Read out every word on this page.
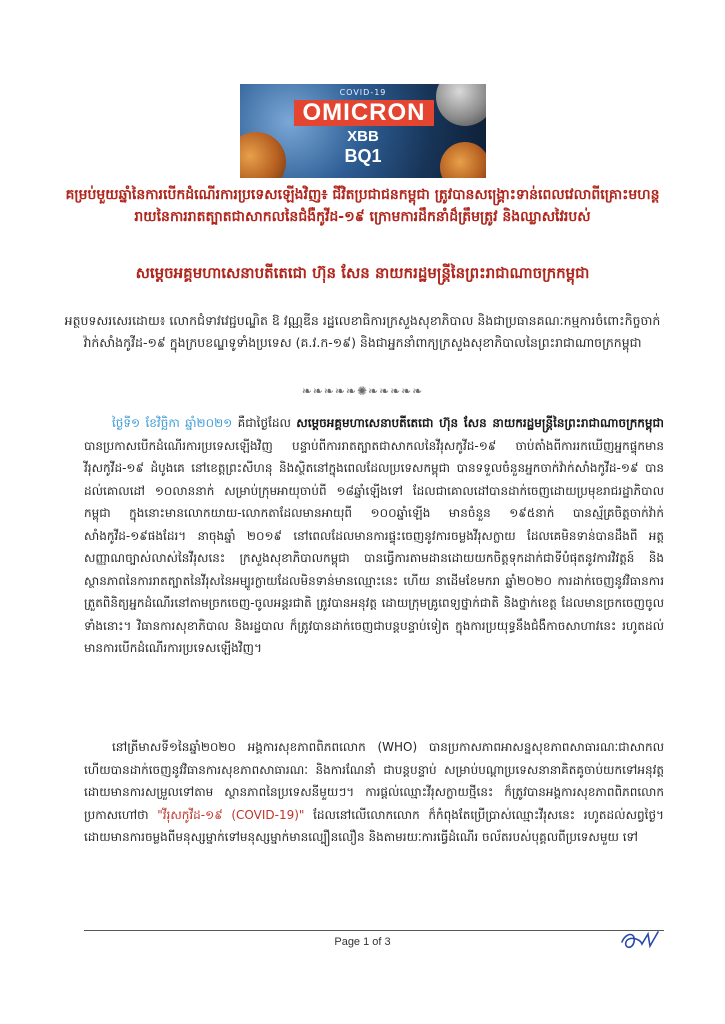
COVID-19
OMICRON
XBB
BQ1

គម្រប់មួយឆ្នាំនៃការបើកដំណើរការប្រទេសឡើងវិញ៖ ជីវិតប្រជាជនកម្ពុជា ត្រូវបានសង្គ្រោះទាន់ពេលវេលាពីគ្រោះមហន្តរាយនៃការរាតត្បាតជាសាកលនៃជំងឺកូវីដ-១៩ ក្រោមការដឹកនាំដ៏ត្រឹមត្រូវ និងឈ្លាសវៃរបស់

សម្តេចអគ្គមហាសេនាបតីតេជោ ហ៊ុន សែន នាយករដ្ឋមន្ត្រីនៃព្រះរាជាណាចក្រកម្ពុជា

អត្ថបទសរសេរដោយ៖ លោកជំទាវវេជ្ជបណ្ឌិត ឱ វណ្ណឌីន រដ្ឋលេខាធិការក្រសួងសុខាភិបាល និងជាប្រធានគណៈកម្មការចំពោះកិច្ចចាក់វ៉ាក់សាំងកូវីដ-១៩ ក្នុងក្របខណ្ឌទូទាំងប្រទេស (គ.វ.ក-១៩) និងជាអ្នកនាំពាក្យក្រសួងសុខាភិបាលនៃព្រះរាជាណាចក្រកម្ពុជា

❧❧❧❧❧✺❧❧❧❧❧

ថ្ងៃទី១ ខែវិច្ឆិកា ឆ្នាំ២០២១ គឺជាថ្ងៃដែល សម្តេចអគ្គមហាសេនាបតីតេជោ ហ៊ុន សែន នាយករដ្ឋមន្ត្រីនៃព្រះរាជាណាចក្រកម្ពុជា បានប្រកាសបើកដំណើរការប្រទេសឡើងវិញ បន្ទាប់ពីការរាតត្បាតជាសាកលនៃវីរុសកូវីដ-១៩ ចាប់តាំងពីការរកឃើញអ្នកផ្ទុកមានវីរុសកូវីដ-១៩ ដំបូងគេ នៅខេត្តព្រះសីហនុ និងស្ថិតនៅក្នុងពេលដែលប្រទេសកម្ពុជា បានទទួលចំនួនអ្នកចាក់វ៉ាក់សាំងកូវីដ-១៩ បានដល់គោលដៅ ១០លាននាក់ សម្រាប់ក្រុមអាយុចាប់ពី ១៨ឆ្នាំឡើងទៅ ដែលជាគោលដៅបានដាក់ចេញដោយប្រមុខរាជរដ្ឋាភិបាលកម្ពុជា ក្នុងនោះមានលោកយាយ-លោកតាដែលមានអាយុពី ១០០ឆ្នាំឡើង មានចំនួន ១៩៥នាក់ បានស្ម័គ្រចិត្តចាក់វ៉ាក់សាំងកូវីដ-១៩ផងដែរ។ នាចុងឆ្នាំ ២០១៩ នៅពេលដែលមានការផ្ទុះចេញនូវការចម្លងវីរុសក្លាយ ដែលគេមិនទាន់បានដឹងពី អត្តសញ្ញាណច្បាស់លាស់នៃវីរុសនេះ ក្រសួងសុខាភិបាលកម្ពុជា បានធ្វើការតាមដានដោយយកចិត្តទុកដាក់ជាទីបំផុតនូវការវិវត្តន៍ និងស្ថានភាពនៃការរាតត្បាតនៃវីរុសនៃអម្បូរក្លាយដែលមិនទាន់មានឈ្មោះនេះ ហើយ នាដើមខែមករា ឆ្នាំ២០២០ ការដាក់ចេញនូវវិធានការត្រួតពិនិត្យអ្នកដំណើរនៅតាមច្រកចេញ-ចូលអន្តរជាតិ ត្រូវបានអនុវត្ត ដោយក្រុមគ្រូពេទ្យថ្នាក់ជាតិ និងថ្នាក់ខេត្ត ដែលមានច្រកចេញចូលទាំងនោះ។ វិធានការសុខាភិបាល និងរដ្ឋបាល ក៏ត្រូវបានដាក់ចេញជាបន្តបន្ទាប់ទៀត ក្នុងការប្រយុទ្ធនឹងជំងឺកាចសាហាវនេះ រហូតដល់មានការបើកដំណើរការប្រទេសឡើងវិញ។

នៅត្រីមាសទី១នៃឆ្នាំ២០២០ អង្គការសុខភាពពិភពលោក (WHO) បានប្រកាសភាពអាសន្នសុខភាពសាធារណៈជាសាកល ហើយបានដាក់ចេញនូវវិធានការសុខភាពសាធារណៈ និងការណែនាំ ជាបន្តបន្ទាប់ សម្រាប់បណ្តាប្រទេសនានាគិតគូចាប់យកទៅអនុវត្ត ដោយមានការសម្រួលទៅតាម ស្ថានភាពនៃប្រទេសនីមួយៗ។ ការផ្តល់ឈ្មោះវីរុសក្លាយថ្មីនេះ ក៏ត្រូវបានអង្គការសុខភាពពិភពលោក ប្រកាសហៅថា "វីរុសកូវីដ-១៩ (COVID-19)" ដែលនៅលើលោកលោក ក៏កំពុងតែប្រើប្រាស់ឈ្មោះវីរុសនេះ រហូតដល់សព្វថ្ងៃ។ ដោយមានការចម្លងពីមនុស្សម្នាក់ទៅមនុស្សម្នាក់មានល្បឿនលឿន និងតាមរយៈការធ្វើដំណើរ ចល័តរបស់បុគ្គលពីប្រទេសមួយ ទៅ

Page 1 of 3
